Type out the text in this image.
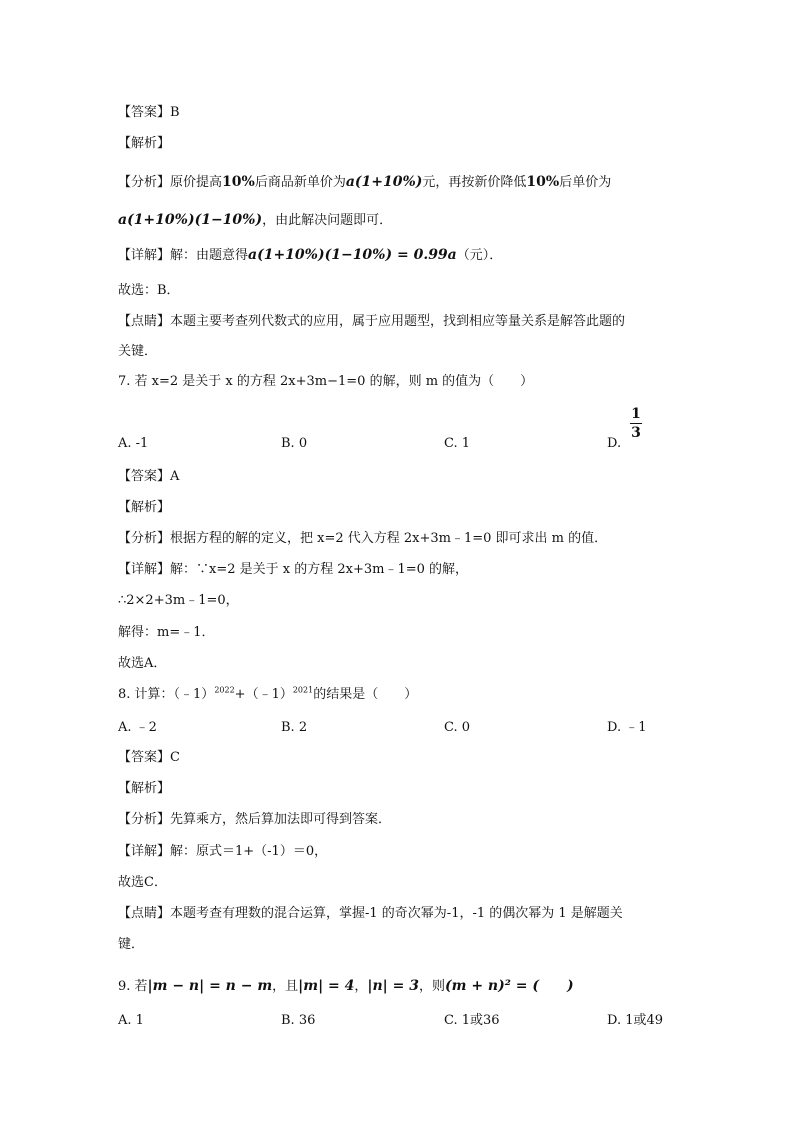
【答案】B
【解析】
【分析】原价提高10%后商品新单价为a(1+10%)元，再按新价降低10%后单价为
a(1+10%)(1−10%)，由此解决问题即可．
【详解】解：由题意得a(1+10%)(1−10%) = 0.99a（元）．
故选：B．
【点睛】本题主要考查列代数式的应用，属于应用题型，找到相应等量关系是解答此题的
关键．
7. 若 x=2 是关于 x 的方程 2x+3m−1=0 的解，则 m 的值为（　　）
A. -1	B. 0	C. 1	D.
1
3
【答案】A
【解析】
【分析】根据方程的解的定义，把 x=2 代入方程 2x+3m﹣1=0 即可求出 m 的值．
【详解】解：∵x=2 是关于 x 的方程 2x+3m﹣1=0 的解，
∴2×2+3m﹣1=0，
解得：m=﹣1．
故选A．
8. 计算：（﹣1）$^{2022}$+（﹣1）$^{2021}$的结果是（　　）
A. ﹣2	B. 2	C. 0	D. ﹣1
【答案】C
【解析】
【分析】先算乘方，然后算加法即可得到答案．
【详解】解：原式＝1+（-1）＝0，
故选C．
【点睛】本题考查有理数的混合运算，掌握-1 的奇次幂为-1，-1 的偶次幂为 1 是解题关
键．
9. 若|m − n| = n − m，且|m| = 4，|n| = 3，则(m + n)² = (　　)
A. 1	B. 36	C. 1或36	D. 1或49
